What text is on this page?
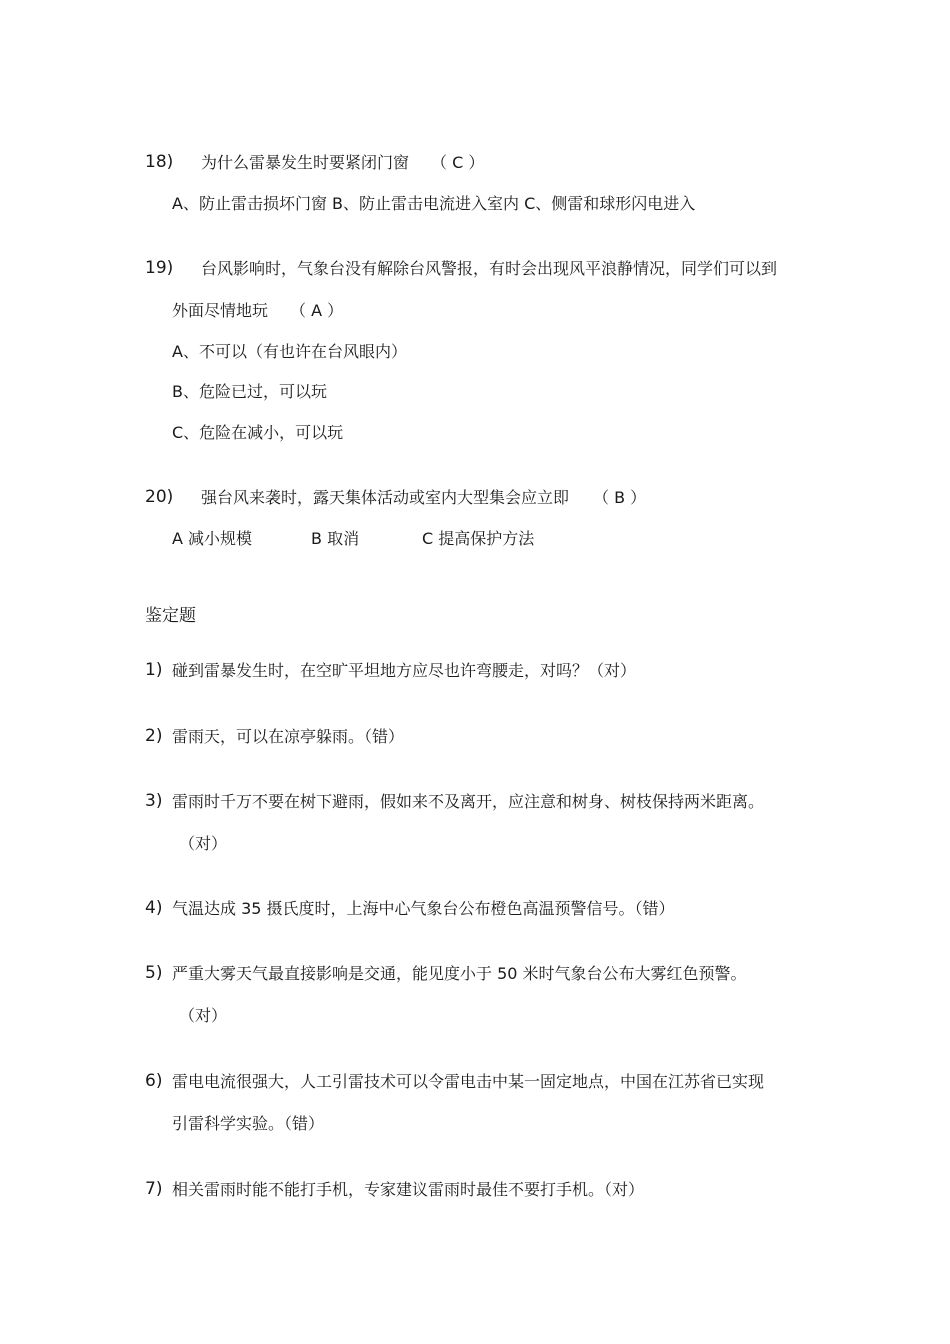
18) 为什么雷暴发生时要紧闭门窗 （ C ）
A、防止雷击损坏门窗 B、防止雷击电流进入室内 C、侧雷和球形闪电进入
19) 台风影响时，气象台没有解除台风警报，有时会出现风平浪静情况，同学们可以到
外面尽情地玩 （ A ）
A、不可以（有也许在台风眼内）
B、危险已过，可以玩
C、危险在减小，可以玩
20) 强台风来袭时，露天集体活动或室内大型集会应立即 （ B ）
A 减小规模	B 取消	C 提高保护方法
鉴定题
1) 碰到雷暴发生时，在空旷平坦地方应尽也许弯腰走，对吗？（对）
2) 雷雨天，可以在凉亭躲雨。（错）
3) 雷雨时千万不要在树下避雨，假如来不及离开，应注意和树身、树枝保持两米距离。
（对）
4) 气温达成 35 摄氏度时，上海中心气象台公布橙色高温预警信号。（错）
5) 严重大雾天气最直接影响是交通，能见度小于 50 米时气象台公布大雾红色预警。
（对）
6) 雷电电流很强大，人工引雷技术可以令雷电击中某一固定地点，中国在江苏省已实现
引雷科学实验。（错）
7) 相关雷雨时能不能打手机，专家建议雷雨时最佳不要打手机。（对）
